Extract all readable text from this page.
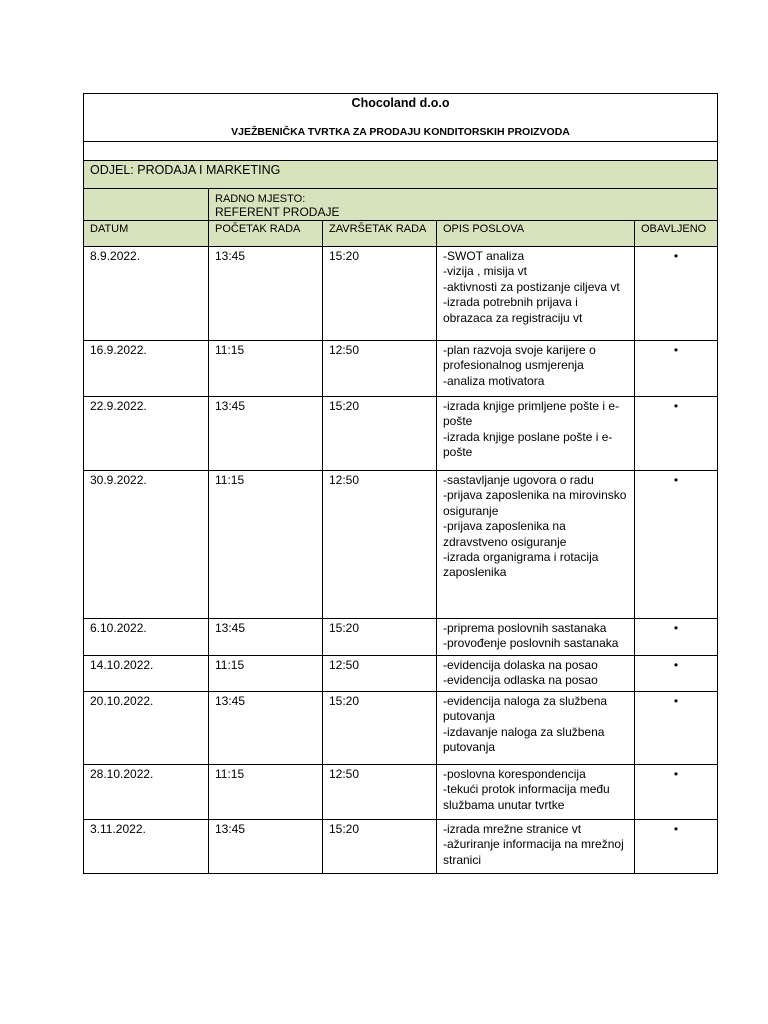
Chocoland d.o.o
VJEŽBENIČKA TVRTKA ZA PRODAJU KONDITORSKIH PROIZVODA				

ODJEL: PRODAJA I MARKETING				

	RADNO MJESTO:
REFERENT PRODAJE			

DATUM	POČETAK RADA	ZAVRŠETAK RADA	OPIS POSLOVA	OBAVLJENO
8.9.2022.	13:45	15:20	-SWOT analiza
-vizija , misija vt
-aktivnosti za postizanje ciljeva vt
-izrada potrebnih prijava i obrazaca za registraciju vt	•
16.9.2022.	11:15	12:50	-plan razvoja svoje karijere o profesionalnog usmjerenja
-analiza motivatora	•
22.9.2022.	13:45	15:20	-izrada knjige primljene pošte i e-pošte
-izrada knjige poslane pošte i e-pošte	•
30.9.2022.	11:15	12:50	-sastavljanje ugovora o radu
-prijava zaposlenika na mirovinsko osiguranje
-prijava zaposlenika na zdravstveno osiguranje
-izrada organigrama i rotacija zaposlenika	•
6.10.2022.	13:45	15:20	-priprema poslovnih sastanaka
-provođenje poslovnih sastanaka	•
14.10.2022.	11:15	12:50	-evidencija dolaska na posao
-evidencija odlaska na posao	•
20.10.2022.	13:45	15:20	-evidencija naloga za službena putovanja
-izdavanje naloga za službena putovanja	•
28.10.2022.	11:15	12:50	-poslovna korespondencija
-tekući protok informacija među službama unutar tvrtke	•
3.11.2022.	13:45	15:20	-izrada mrežne stranice vt
-ažuriranje informacija na mrežnoj stranici	•
